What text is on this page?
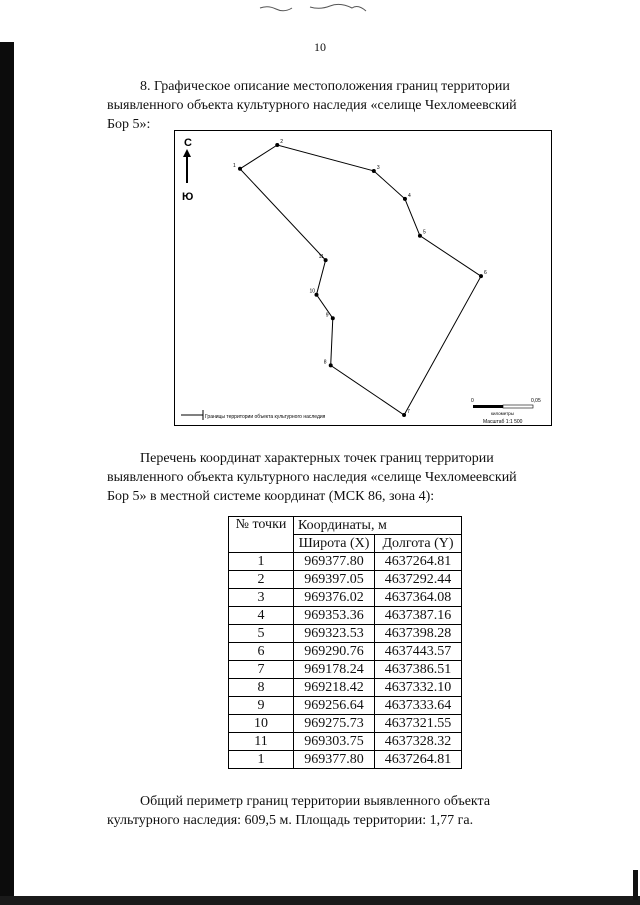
10

8. Графическое описание местоположения границ территории

выявленного объекта культурного наследия «селище Чехломеевский

Бор 5»:

С
Ю
1
2
3
4
5
6
7
8
9
10
11
Границы территории объекта культурного наследия
0	0,05
километры
Масштаб 1:1 500

Перечень координат характерных точек границ территории

выявленного объекта культурного наследия «селище Чехломеевский

Бор 5» в местной системе координат (МСК 86, зона 4):

№ точки	Координаты, м	
	Широта (X)	Долгота (Y)
1	969377.80	4637264.81
2	969397.05	4637292.44
3	969376.02	4637364.08
4	969353.36	4637387.16
5	969323.53	4637398.28
6	969290.76	4637443.57
7	969178.24	4637386.51
8	969218.42	4637332.10
9	969256.64	4637333.64
10	969275.73	4637321.55
11	969303.75	4637328.32
1	969377.80	4637264.81

Общий периметр границ территории выявленного объекта

культурного наследия: 609,5 м. Площадь территории: 1,77 га.
